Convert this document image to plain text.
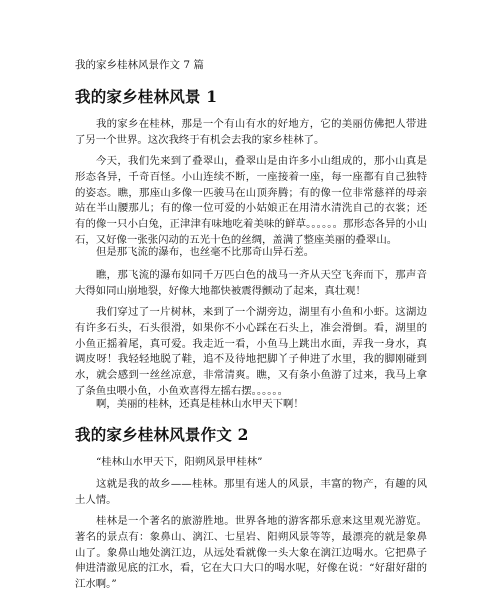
我的家乡桂林风景作文 7 篇
我的家乡桂林风景 1
我的家乡在桂林，那是一个有山有水的好地方，它的美丽仿佛把人带进了另一个世界。这次我终于有机会去我的家乡桂林了。
今天，我们先来到了叠翠山，叠翠山是由许多小山组成的，那小山真是形态各异，千奇百怪。小山连续不断，一座接着一座，每一座都有自己独特的姿态。瞧，那座山多像一匹骏马在山顶奔腾；有的像一位非常慈祥的母亲站在半山腰那儿；有的像一位可爱的小姑娘正在用清水清洗自己的衣裳；还有的像一只小白兔，正津津有味地吃着美味的鲜草。。。。。。那形态各异的小山石，又好像一张张闪动的五光十色的丝绸，盖满了整座美丽的叠翠山。
但是那飞流的瀑布，也丝毫不比那奇山异石差。
瞧，那飞流的瀑布如同千万匹白色的战马一齐从天空飞奔而下，那声音大得如同山崩地裂，好像大地都快被震得颤动了起来，真壮观！
我们穿过了一片树林，来到了一个湖旁边，湖里有小鱼和小虾。这湖边有许多石头，石头很滑，如果你不小心踩在石头上，准会滑倒。看，湖里的小鱼正摇着尾，真可爱。我走近一看，小鱼马上跳出水面，弄我一身水，真调皮呀！我轻轻地脱了鞋，追不及待地把脚丫子伸进了水里，我的脚刚碰到水，就会感到一丝丝凉意，非常清爽。瞧，又有条小鱼游了过来，我马上拿了条鱼虫喂小鱼，小鱼欢喜得左摇右摆。。。。。。
啊，美丽的桂林，还真是桂林山水甲天下啊！
我的家乡桂林风景作文 2
“桂林山水甲天下，阳朔风景甲桂林”
这就是我的故乡——桂林。那里有迷人的风景，丰富的物产，有趣的风土人情。
桂林是一个著名的旅游胜地。世界各地的游客都乐意来这里观光游览。著名的景点有：象鼻山、漓江、七星岩、阳朔风景等等，最漂亮的就是象鼻山了。象鼻山地处漓江边，从远处看就像一头大象在漓江边喝水。它把鼻子伸进清澈见底的江水，看，它在大口大口的喝水呢，好像在说：“好甜好甜的江水啊。”
